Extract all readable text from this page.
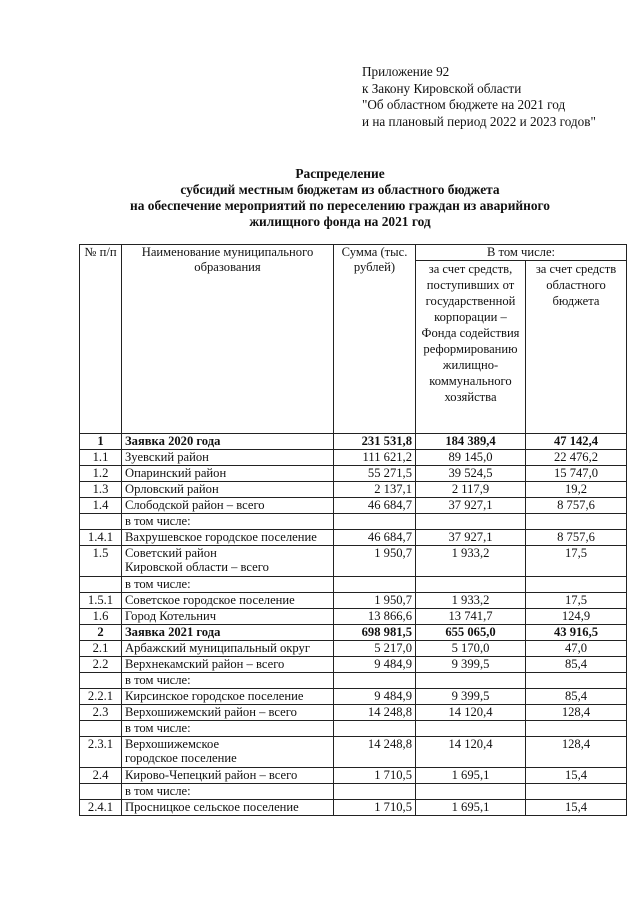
Приложение 92
к Закону Кировской области
"Об областном бюджете на 2021 год
и на плановый период 2022 и 2023 годов"
Распределение
субсидий местным бюджетам из областного бюджета
на обеспечение мероприятий по переселению граждан из аварийного
жилищного фонда на 2021 год
№ п/п	Наименование муниципального образования	Сумма (тыс. рублей)	В том числе:	
			за счет средств, поступивших от государственной корпорации – Фонда содействия реформированию жилищно-коммунального хозяйства	за счет средств областного бюджета
1	Заявка 2020 года	231 531,8	184 389,4	47 142,4
1.1	Зуевский район	111 621,2	89 145,0	22 476,2
1.2	Опаринский район	55 271,5	39 524,5	15 747,0
1.3	Орловский район	2 137,1	2 117,9	19,2
1.4	Слободской район – всего	46 684,7	37 927,1	8 757,6
	в том числе:			
1.4.1	Вахрушевское городское поселение	46 684,7	37 927,1	8 757,6
1.5	Советский район
Кировской области – всего	1 950,7	1 933,2	17,5
	в том числе:			
1.5.1	Советское городское поселение	1 950,7	1 933,2	17,5
1.6	Город Котельнич	13 866,6	13 741,7	124,9
2	Заявка 2021 года	698 981,5	655 065,0	43 916,5
2.1	Арбажский муниципальный округ	5 217,0	5 170,0	47,0
2.2	Верхнекамский район – всего	9 484,9	9 399,5	85,4
	в том числе:			
2.2.1	Кирсинское городское поселение	9 484,9	9 399,5	85,4
2.3	Верхошижемский район – всего	14 248,8	14 120,4	128,4
	в том числе:			
2.3.1	Верхошижемское
городское поселение	14 248,8	14 120,4	128,4
2.4	Кирово-Чепецкий район – всего	1 710,5	1 695,1	15,4
	в том числе:			
2.4.1	Просницкое сельское поселение	1 710,5	1 695,1	15,4
